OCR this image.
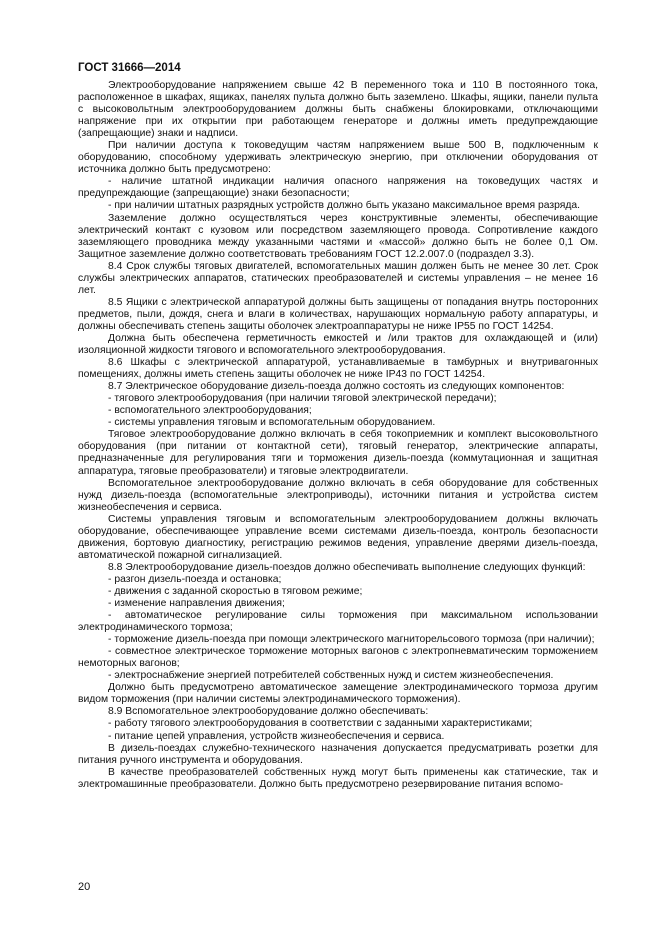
ГОСТ 31666—2014

Электрооборудование напряжением свыше 42 В переменного тока и 110 В постоянного тока, расположенное в шкафах, ящиках, панелях пульта должно быть заземлено. Шкафы, ящики, панели пульта с высоковольтным электрооборудованием должны быть снабжены блокировками, отключающими напряжение при их открытии при работающем генераторе и должны иметь предупреждающие (запрещающие) знаки и надписи.

При наличии доступа к токоведущим частям напряжением выше 500 В, подключенным к оборудованию, способному удерживать электрическую энергию, при отключении оборудования от источника должно быть предусмотрено:

- наличие штатной индикации наличия опасного напряжения на токоведущих частях и предупреждающие (запрещающие) знаки безопасности;

- при наличии штатных разрядных устройств должно быть указано максимальное время разряда.

Заземление должно осуществляться через конструктивные элементы, обеспечивающие электрический контакт с кузовом или посредством заземляющего провода. Сопротивление каждого заземляющего проводника между указанными частями и «массой» должно быть не более 0,1 Ом. Защитное заземление должно соответствовать требованиям ГОСТ 12.2.007.0 (подраздел 3.3).

8.4 Срок службы тяговых двигателей, вспомогательных машин должен быть не менее 30 лет. Срок службы электрических аппаратов, статических преобразователей и системы управления – не менее 16 лет.

8.5 Ящики с электрической аппаратурой должны быть защищены от попадания внутрь посторонних предметов, пыли, дождя, снега и влаги в количествах, нарушающих нормальную работу аппаратуры, и должны обеспечивать степень защиты оболочек электроаппаратуры не ниже IP55 по ГОСТ 14254.

Должна быть обеспечена герметичность емкостей и /или трактов для охлаждающей и (или) изоляционной жидкости тягового и вспомогательного электрооборудования.

8.6 Шкафы с электрической аппаратурой, устанавливаемые в тамбурных и внутривагонных помещениях, должны иметь степень защиты оболочек не ниже IP43 по ГОСТ 14254.

8.7 Электрическое оборудование дизель-поезда должно состоять из следующих компонентов:

- тягового электрооборудования (при наличии тяговой электрической передачи);

- вспомогательного электрооборудования;

- системы управления тяговым и вспомогательным оборудованием.

Тяговое электрооборудование должно включать в себя токоприемник и комплект высоковольтного оборудования (при питании от контактной сети), тяговый генератор, электрические аппараты, предназначенные для регулирования тяги и торможения дизель-поезда (коммутационная и защитная аппаратура, тяговые преобразователи) и тяговые электродвигатели.

Вспомогательное электрооборудование должно включать в себя оборудование для собственных нужд дизель-поезда (вспомогательные электроприводы), источники питания и устройства систем жизнеобеспечения и сервиса.

Системы управления тяговым и вспомогательным электрооборудованием должны включать оборудование, обеспечивающее управление всеми системами дизель-поезда, контроль безопасности движения, бортовую диагностику, регистрацию режимов ведения, управление дверями дизель-поезда, автоматической пожарной сигнализацией.

8.8 Электрооборудование дизель-поездов должно обеспечивать выполнение следующих функций:

- разгон дизель-поезда и остановка;

- движения с заданной скоростью в тяговом режиме;

- изменение направления движения;

- автоматическое регулирование силы торможения при максимальном использовании электродинамического тормоза;

- торможение дизель-поезда при помощи электрического магниторельсового тормоза (при наличии);

- совместное электрическое торможение моторных вагонов с электропневматическим торможением немоторных вагонов;

- электроснабжение энергией потребителей собственных нужд и систем жизнеобеспечения.

Должно быть предусмотрено автоматическое замещение электродинамического тормоза другим видом торможения (при наличии системы электродинамического торможения).

8.9 Вспомогательное электрооборудование должно обеспечивать:

- работу тягового электрооборудования в соответствии с заданными характеристиками;

- питание цепей управления, устройств жизнеобеспечения и сервиса.

В дизель-поездах служебно-технического назначения допускается предусматривать розетки для питания ручного инструмента и оборудования.

В качестве преобразователей собственных нужд могут быть применены как статические, так и электромашинные преобразователи. Должно быть предусмотрено резервирование питания вспомо-

20
